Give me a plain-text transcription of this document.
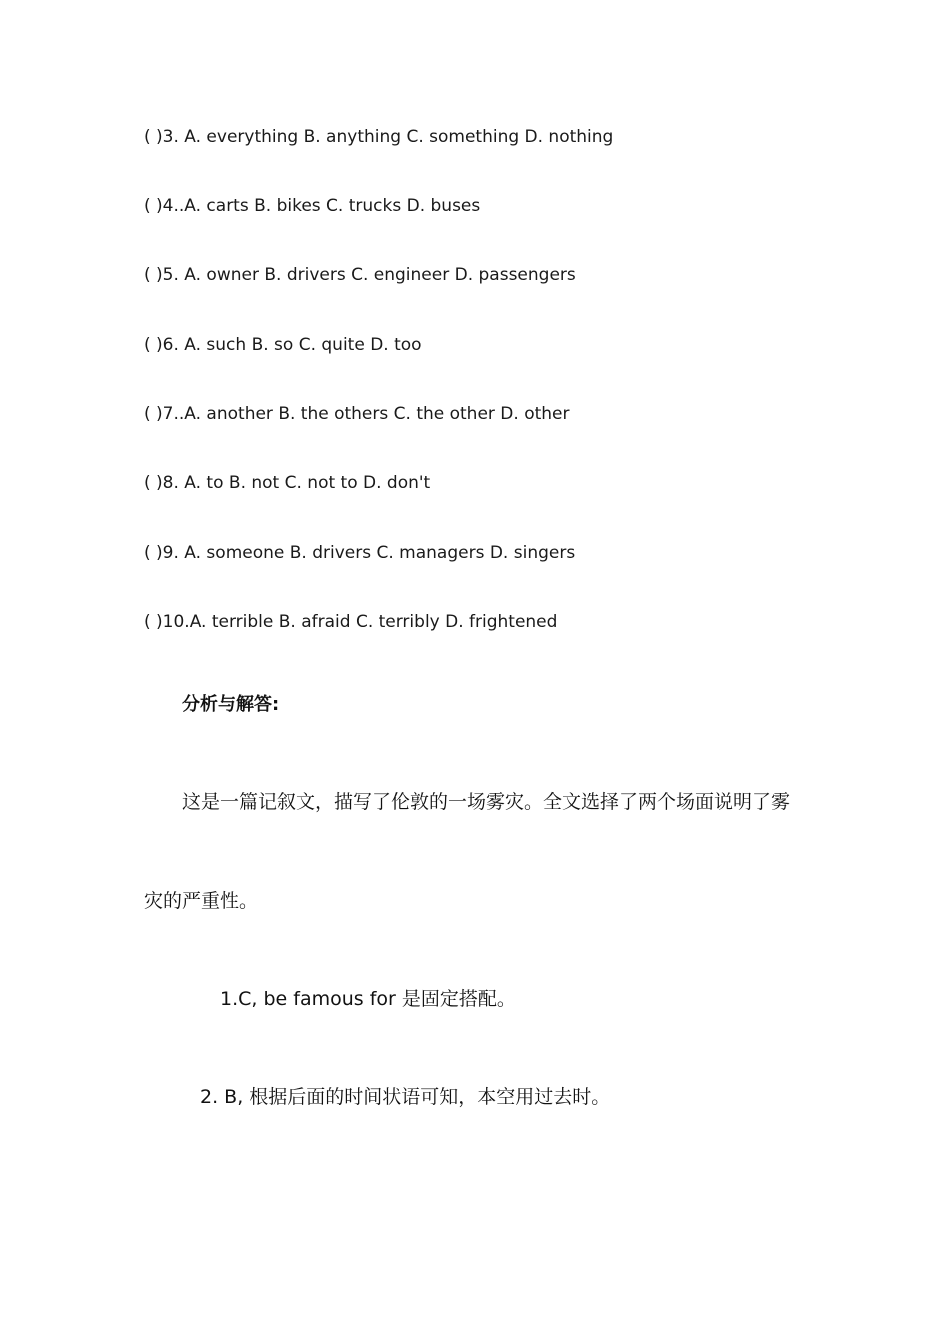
( )3. A. everything B. anything C. something D. nothing
( )4..A. carts B. bikes C. trucks D. buses
( )5. A. owner B. drivers C. engineer D. passengers
( )6. A. such B. so C. quite D. too
( )7..A. another B. the others C. the other D. other
( )8. A. to B. not C. not to D. don't
( )9. A. someone B. drivers C. managers D. singers
( )10.A. terrible B. afraid C. terribly D. frightened
分析与解答:
这是一篇记叙文，描写了伦敦的一场雾灾。全文选择了两个场面说明了雾
灾的严重性。
1.C, be famous for 是固定搭配。
2. B, 根据后面的时间状语可知，本空用过去时。
